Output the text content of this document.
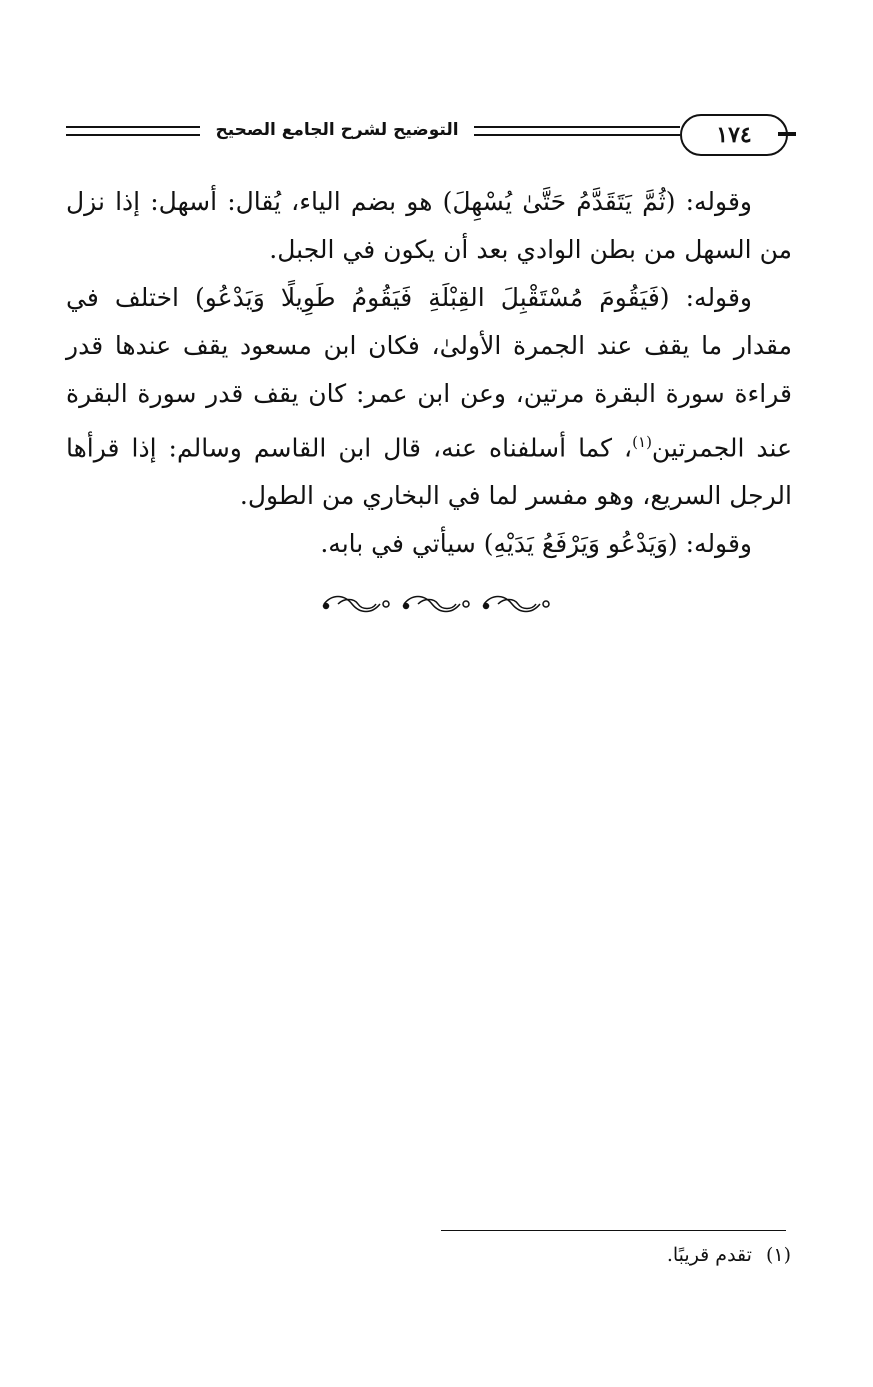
التوضيح لشرح الجامع الصحيح	١٧٤

وقوله: (ثُمَّ يَتَقَدَّمُ حَتَّىٰ يُسْهِلَ) هو بضم الياء، يُقال: أسهل: إذا نزل من السهل من بطن الوادي بعد أن يكون في الجبل.

وقوله: (فَيَقُومَ مُسْتَقْبِلَ القِبْلَةِ فَيَقُومُ طَوِيلًا وَيَدْعُو) اختلف في مقدار ما يقف عند الجمرة الأولىٰ، فكان ابن مسعود يقف عندها قدر قراءة سورة البقرة مرتين، وعن ابن عمر: كان يقف قدر سورة البقرة عند الجمرتين$^{(١)}$، كما أسلفناه عنه، قال ابن القاسم وسالم: إذا قرأها الرجل السريع، وهو مفسر لما في البخاري من الطول.

وقوله: (وَيَدْعُو وَيَرْفَعُ يَدَيْهِ) سيأتي في بابه.

(١)تقدم قريبًا.
